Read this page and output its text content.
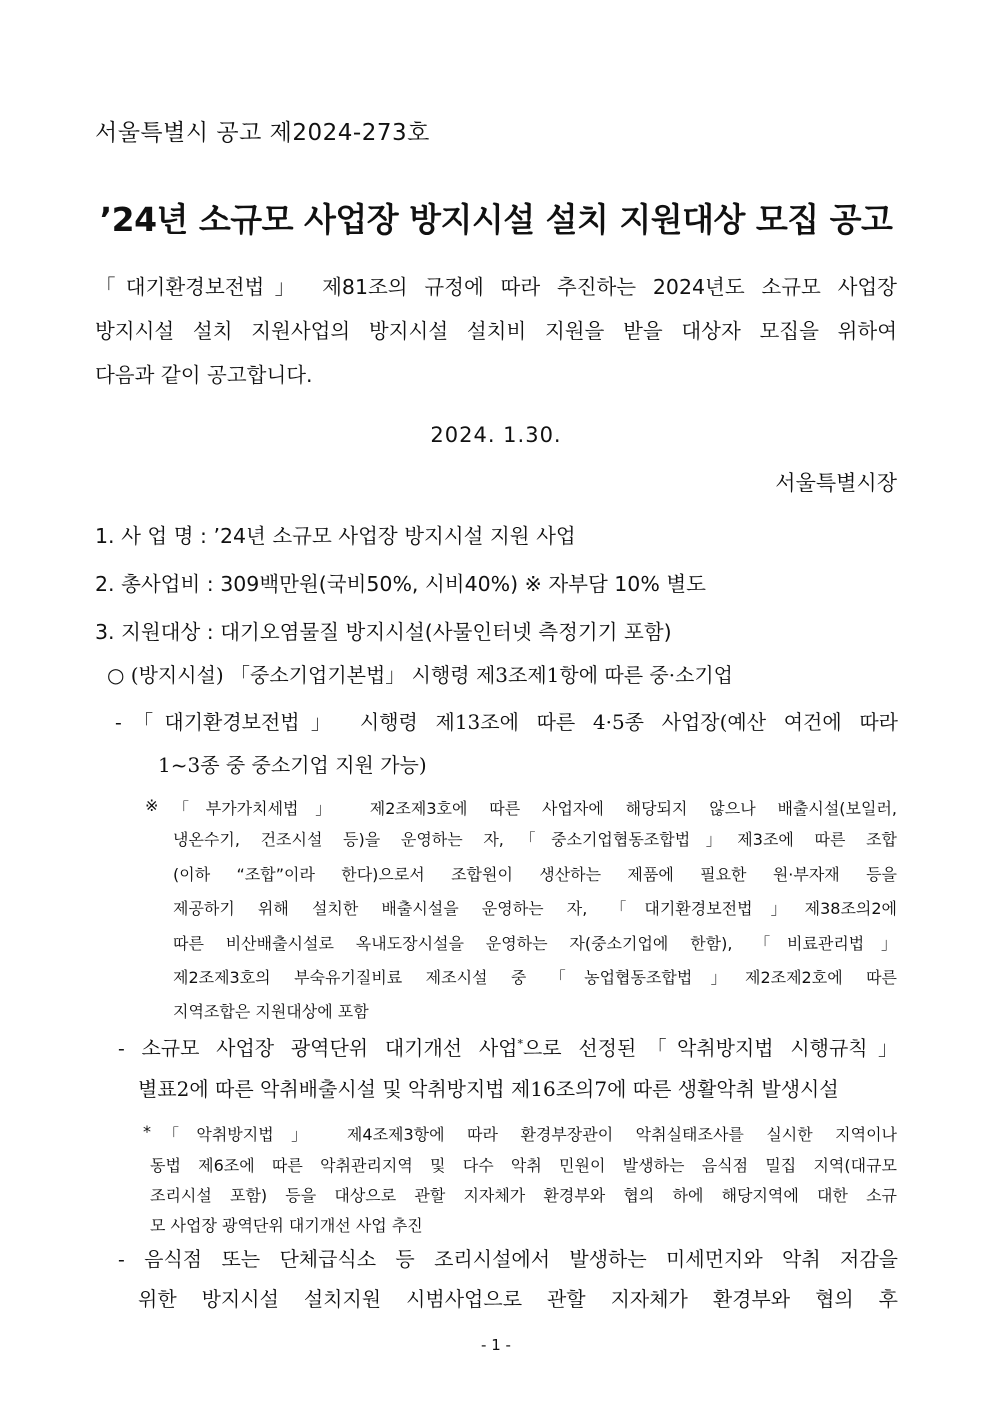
서울특별시 공고 제2024-273호
’24년 소규모 사업장 방지시설 설치 지원대상 모집 공고
「대기환경보전법」 제81조의 규정에 따라 추진하는 2024년도 소규모 사업장
방지시설 설치 지원사업의 방지시설 설치비 지원을 받을 대상자 모집을 위하여
다음과 같이 공고합니다.
2024. 1.30.
서울특별시장
1. 사 업 명 : ’24년 소규모 사업장 방지시설 지원 사업
2. 총사업비 : 309백만원(국비50%, 시비40%) ※ 자부담 10% 별도
3. 지원대상 : 대기오염물질 방지시설(사물인터넷 측정기기 포함)
○ (방지시설) 「중소기업기본법」 시행령 제3조제1항에 따른 중·소기업
-「대기환경보전법」 시행령 제13조에 따른 4·5종 사업장(예산 여건에 따라
1~3종 중 중소기업 지원 가능)
※ 「부가가치세법」 제2조제3호에 따른 사업자에 해당되지 않으나 배출시설(보일러,
냉온수기, 건조시설 등)을 운영하는 자,「중소기업협동조합법」제3조에 따른 조합
(이하 “조합”이라 한다)으로서 조합원이 생산하는 제품에 필요한 원·부자재 등을
제공하기 위해 설치한 배출시설을 운영하는 자, 「대기환경보전법」제38조의2에
따른 비산배출시설로 옥내도장시설을 운영하는 자(중소기업에 한함), 「비료관리법」
제2조제3호의 부숙유기질비료 제조시설 중 「농업협동조합법」제2조제2호에 따른
지역조합은 지원대상에 포함
- 소규모 사업장 광역단위 대기개선 사업*으로 선정된「악취방지법 시행규칙」
별표2에 따른 악취배출시설 및 악취방지법 제16조의7에 따른 생활악취 발생시설
* 「악취방지법」 제4조제3항에 따라 환경부장관이 악취실태조사를 실시한 지역이나
동법 제6조에 따른 악취관리지역 및 다수 악취 민원이 발생하는 음식점 밀집 지역(대규모
조리시설 포함) 등을 대상으로 관할 지자체가 환경부와 협의 하에 해당지역에 대한 소규
모 사업장 광역단위 대기개선 사업 추진
- 음식점 또는 단체급식소 등 조리시설에서 발생하는 미세먼지와 악취 저감을
위한 방지시설 설치지원 시범사업으로 관할 지자체가 환경부와 협의 후
- 1 -
